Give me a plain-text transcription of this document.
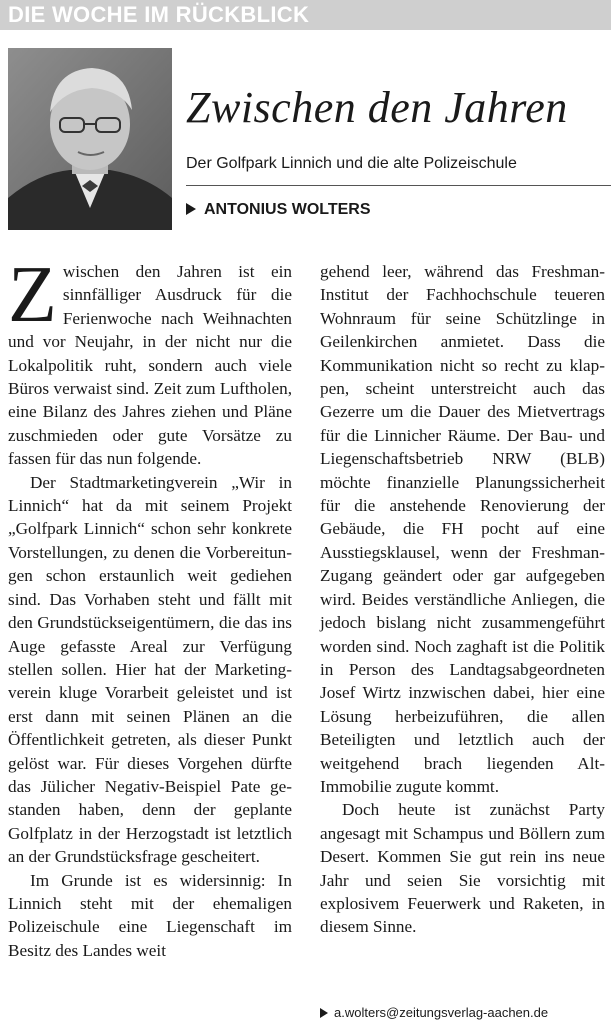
DIE WOCHE IM RÜCKBLICK
Zwischen den Jahren
Der Golfpark Linnich und die alte Polizeischule
ANTONIUS WOLTERS

Zwischen den Jahren ist ein sinnfälliger Ausdruck für die Ferienwoche nach Weihnachten und vor Neujahr, in der nicht nur die Lokalpolitik ruht, sondern auch viele Büros verwaist sind. Zeit zum Luftholen, eine Bilanz des Jahres ziehen und Pläne zuschmieden oder gute Vorsätze zu fassen für das nun folgende.

Der Stadtmarketingverein „Wir in Linnich“ hat da mit seinem Projekt „Golfpark Linnich“ schon sehr konkrete Vorstellungen, zu denen die Vorbereitungen schon erstaunlich weit gediehen sind. Das Vorhaben steht und fällt mit den Grundstückseigentümern, die das ins Auge gefasste Areal zur Verfügung stellen sollen. Hier hat der Marketingverein kluge Vorarbeit geleistet und ist erst dann mit seinen Plänen an die Öffentlichkeit getreten, als dieser Punkt gelöst war. Für dieses Vorgehen dürfte das Jülicher Negativ-Beispiel Pate gestanden haben, denn der geplante Golfplatz in der Herzogstadt ist letztlich an der Grundstücksfrage gescheitert.

Im Grunde ist es widersinnig: In Linnich steht mit der ehemaligen Polizeischule eine Liegenschaft im Besitz des Landes weit

gehend leer, während das Freshman-Institut der Fachhochschule teueren Wohnraum für seine Schützlinge in Geilenkirchen anmietet. Dass die Kommunikation nicht so recht zu klappen, scheint unterstreicht auch das Gezerre um die Dauer des Mietvertrags für die Linnicher Räume. Der Bau- und Liegenschaftsbetrieb NRW (BLB) möchte finanzielle Planungssicherheit für die anstehende Renovierung der Gebäude, die FH pocht auf eine Ausstiegsklausel, wenn der Freshman-Zugang geändert oder gar aufgegeben wird. Beides verständliche Anliegen, die jedoch bislang nicht zusammengeführt worden sind. Noch zaghaft ist die Politik in Person des Landtagsabgeordneten Josef Wirtz inzwischen dabei, hier eine Lösung herbeizuführen, die allen Beteiligten und letztlich auch der weitgehend brach liegenden Alt-Immobilie zugute kommt.

Doch heute ist zunächst Party angesagt mit Schampus und Böllern zum Desert. Kommen Sie gut rein ins neue Jahr und seien Sie vorsichtig mit explosivem Feuerwerk und Raketen, in diesem Sinne.

a.wolters@zeitungsverlag-aachen.de
